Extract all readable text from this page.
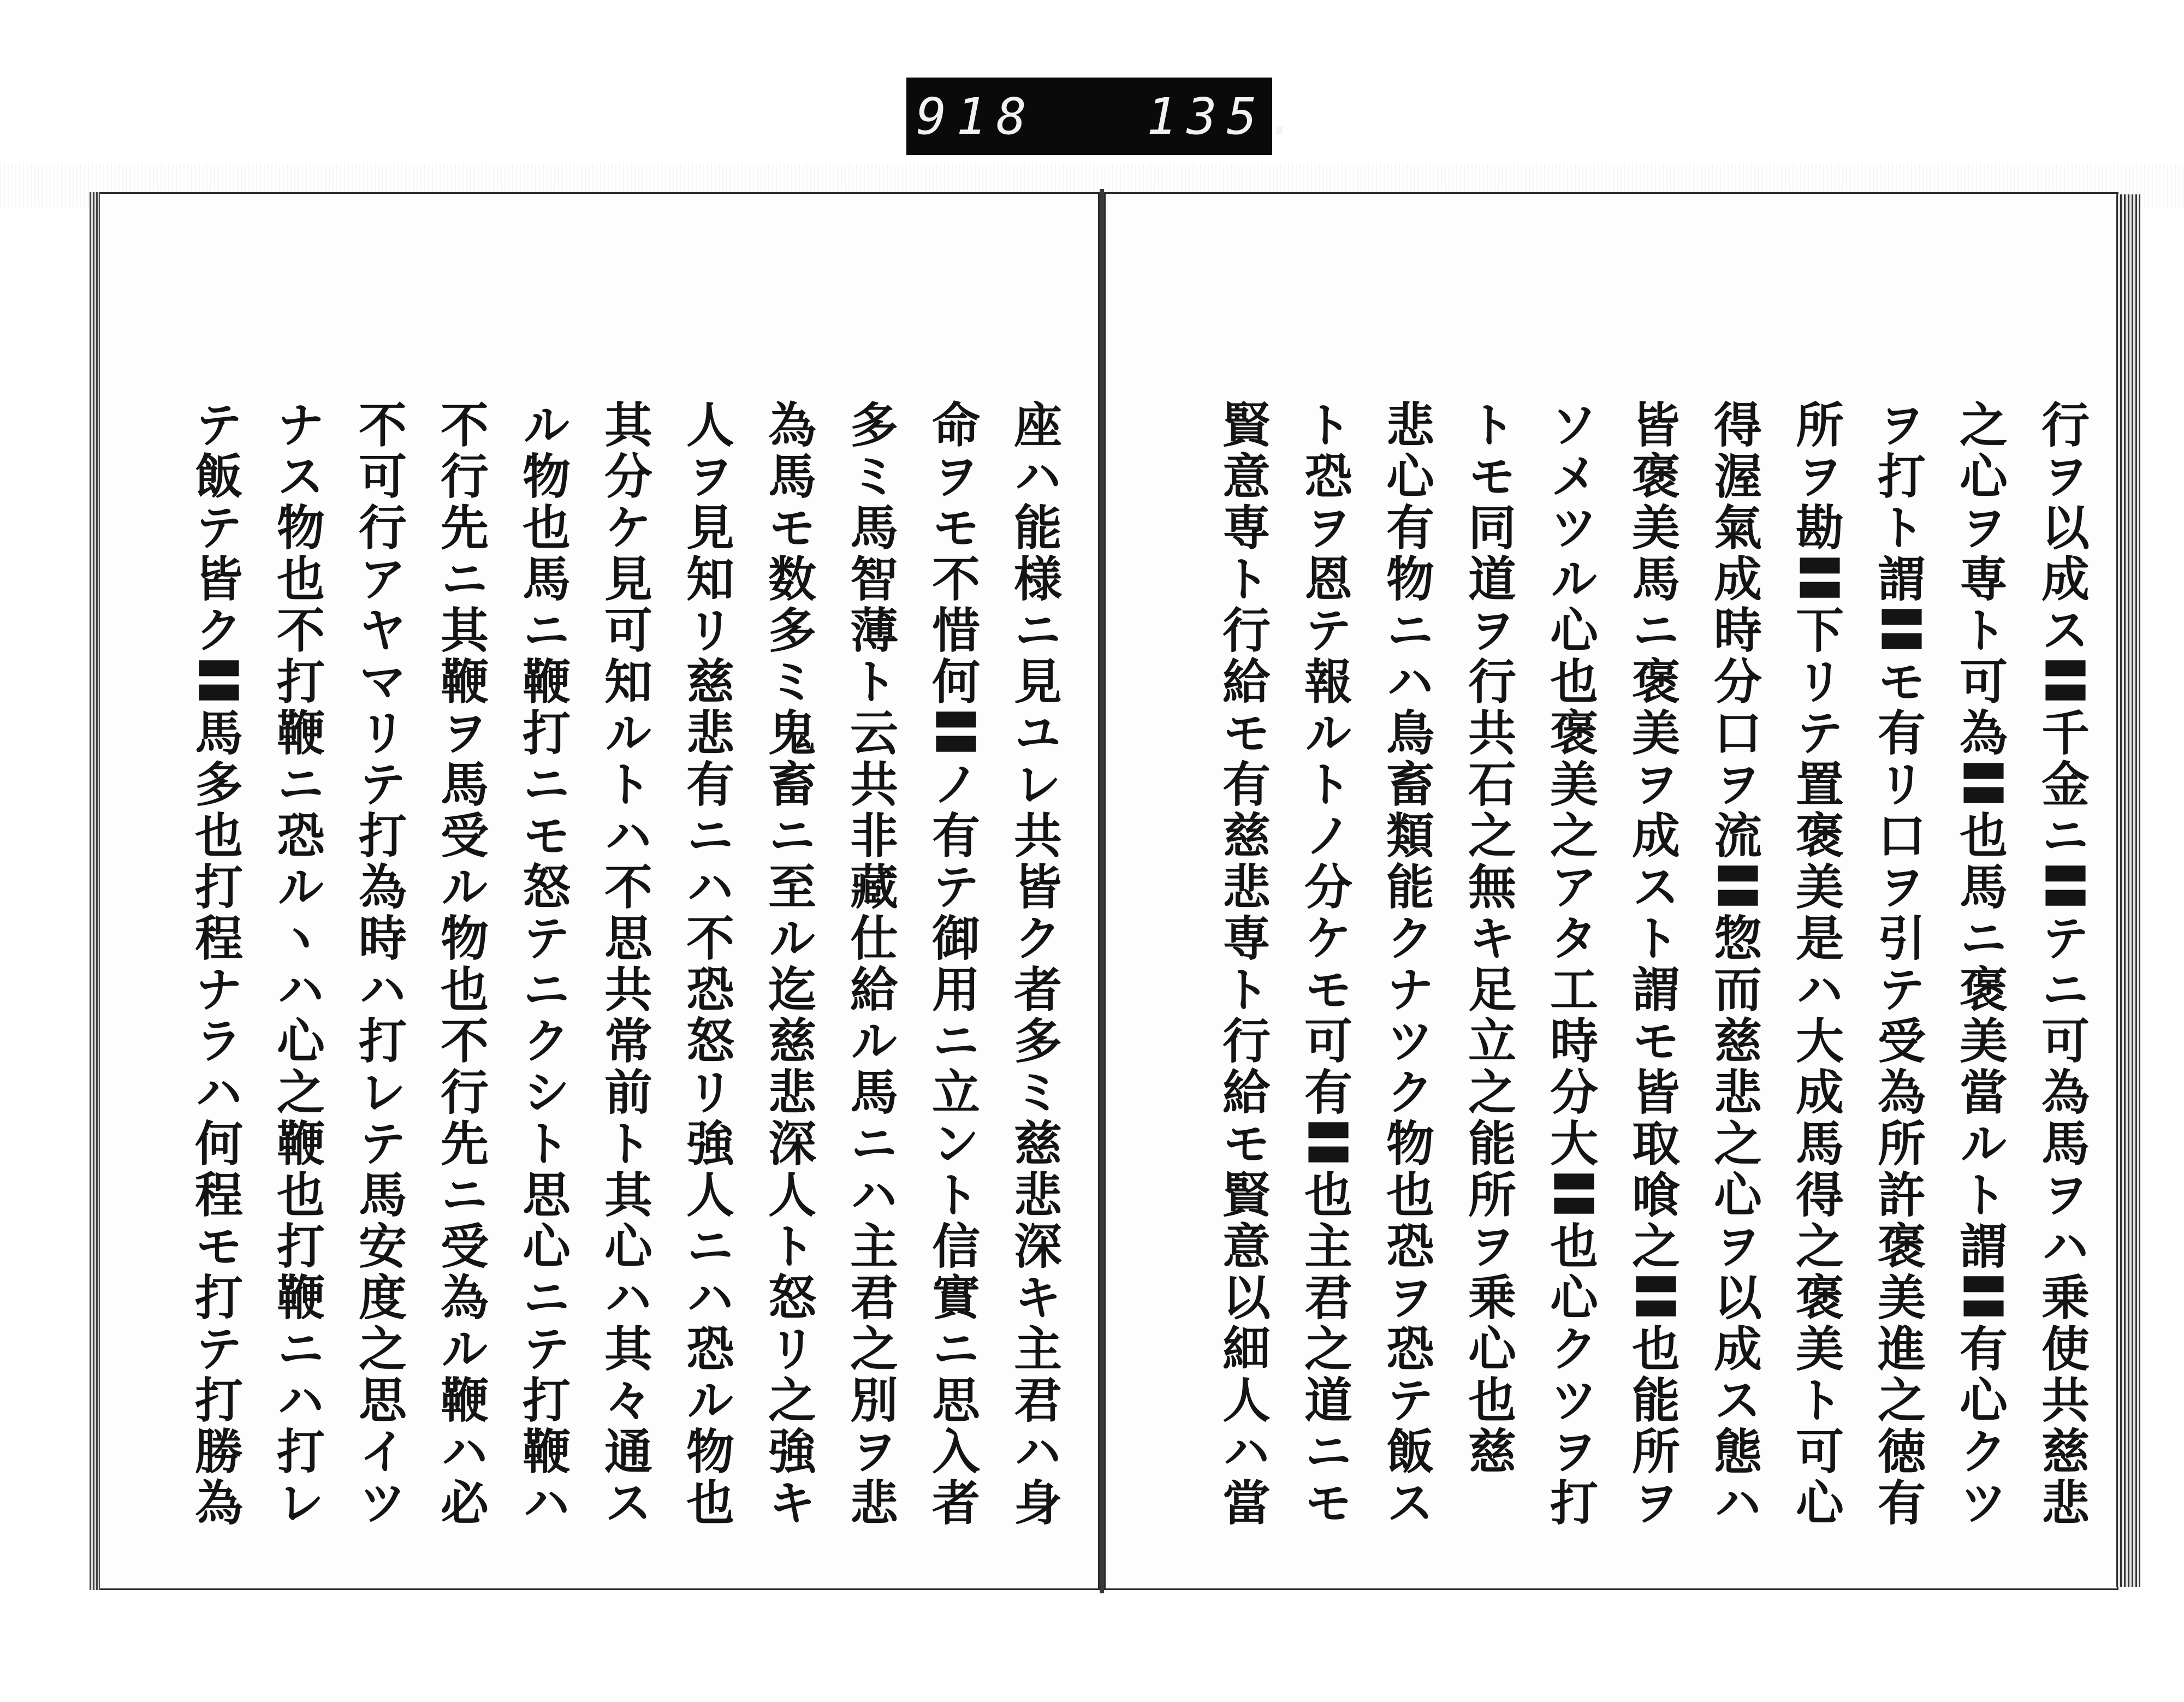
918 135.
座ハ能様ニ見ユレ共皆ク者多ミ慈悲深キ主君ハ身
命ヲモ不惜何〓ノ有テ御用ニ立ント信實ニ思入者
多ミ馬智薄ト云共非藏仕給ル馬ニハ主君之別ヲ悲
為馬モ数多ミ鬼畜ニ至ル迄慈悲深人ト怒リ之強キ
人ヲ見知リ慈悲有ニハ不恐怒リ強人ニハ恐ル物也
其分ケ見可知ルトハ不思共常前ト其心ハ其々通ス
ル物也馬ニ鞭打ニモ怒テニクシト思心ニテ打鞭ハ
不行先ニ其鞭ヲ馬受ル物也不行先ニ受為ル鞭ハ必
不可行アヤマリテ打為時ハ打レテ馬安度之思イツ
ナス物也不打鞭ニ恐ルヽハ心之鞭也打鞭ニハ打レ
テ飯テ皆ク〓馬多也打程ナラハ何程モ打テ打勝為	行ヲ以成ス〓千金ニ〓テニ可為馬ヲハ乗使共慈悲
之心ヲ専ト可為〓也馬ニ褒美當ルト謂〓有心クツ
ヲ打ト謂〓モ有リ口ヲ引テ受為所許褒美進之徳有
所ヲ勘〓下リテ置褒美是ハ大成馬得之褒美ト可心
得渥氣成時分口ヲ流〓惣而慈悲之心ヲ以成ス態ハ
皆褒美馬ニ褒美ヲ成スト謂モ皆取喰之〓也能所ヲ
ソメツル心也褒美之アタ工時分大〓也心クツヲ打
トモ同道ヲ行共石之無キ足立之能所ヲ乗心也慈
悲心有物ニハ鳥畜類能クナツク物也恐ヲ恐テ飯ス
ト恐ヲ恩テ報ルトノ分ケモ可有〓也主君之道ニモ
賢意専ト行給モ有慈悲専ト行給モ賢意以細人ハ當
